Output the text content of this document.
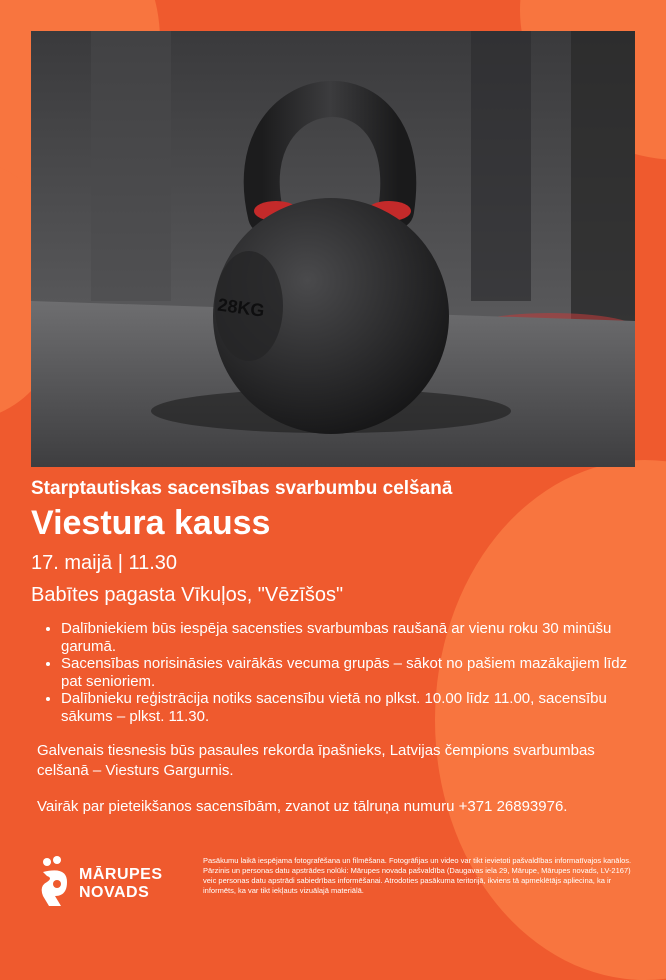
28KG
Starptautiskas sacensības svarbumbu celšanā
Viestura kauss
17. maijā | 11.30
Babītes pagasta Vīkuļos, "Vēzīšos"
• Dalībniekiem būs iespēja sacensties svarbumbas raušanā ar vienu roku 30 minūšu garumā.
• Sacensības norisināsies vairākās vecuma grupās – sākot no pašiem mazākajiem līdz pat senioriem.
• Dalībnieku reģistrācija notiks sacensību vietā no plkst. 10.00 līdz 11.00, sacensību sākums – plkst. 11.30.
Galvenais tiesnesis būs pasaules rekorda īpašnieks, Latvijas čempions svarbumbas celšanā – Viesturs Gargurnis.
Vairāk par pieteikšanos sacensībām, zvanot uz tālruņa numuru +371 26893976.
MĀRUPES
NOVADS
Pasākumu laikā iespējama fotografēšana un filmēšana. Fotogrāfijas un video var tikt ievietoti pašvaldības informatīvajos kanālos. Pārzinis un personas datu apstrādes nolūki: Mārupes novada pašvaldība (Daugavas iela 29, Mārupe, Mārupes novads, LV-2167) veic personas datu apstrādi sabiedrības informēšanai. Atrodoties pasākuma teritorijā, ikviens tā apmeklētājs apliecina, ka ir informēts, ka var tikt iekļauts vizuālajā materiālā.
